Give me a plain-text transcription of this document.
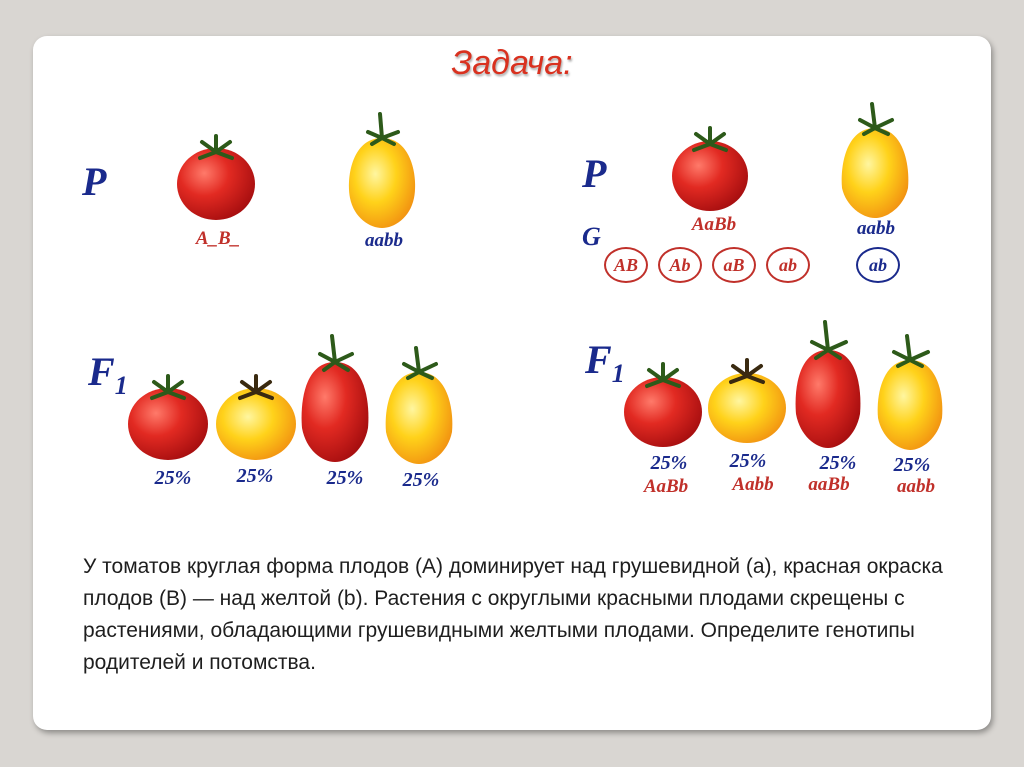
Задача:
P
A_B_	aabb
$F_1$
25%	25%	25%	25%
P
G	AaBb	aabb
AB	Ab	aB	ab	ab
$F_1$
25%	25%	25%	25%
AaBb	Aabb	aaBb	aabb
У томатов круглая форма плодов (А) доминирует над грушевидной (а), красная окраска плодов (В) — над желтой (b). Растения с округлыми красными плодами скрещены с растениями, обладающими грушевидными желтыми плодами. Определите генотипы родителей и потомства.
